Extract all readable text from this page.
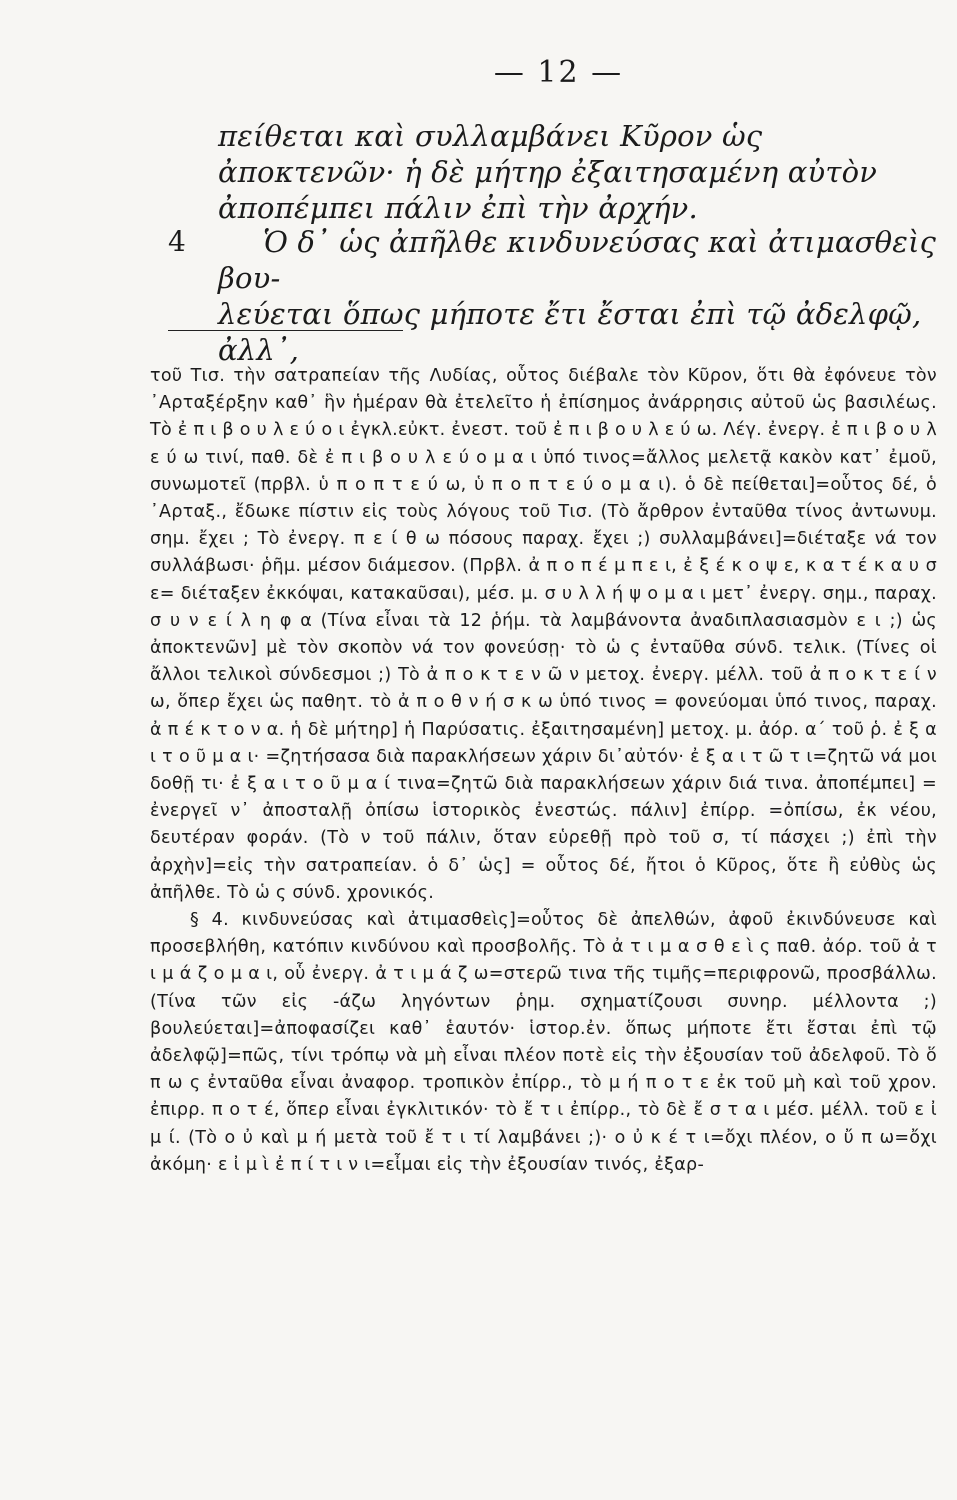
— 12 —

πείθεται καὶ συλλαμβάνει Κῦρον ὡς ἀποκτενῶν· ἡ δὲ μήτηρ ἐξαιτησαμένη αὐτὸν ἀποπέμπει πάλιν ἐπὶ τὴν ἀρχήν.

4	Ὁ δ᾽ ὡς ἀπῆλθε κινδυνεύσας καὶ ἀτιμασθεὶς βου-
λεύεται ὅπως μήποτε ἔτι ἔσται ἐπὶ τῷ ἀδελφῷ, ἀλλ᾽,

τοῦ Τισ. τὴν σατραπείαν τῆς Λυδίας, οὗτος διέβαλε τὸν Κῦρον, ὅτι θὰ ἐφόνευε τὸν ᾽Αρταξέρξην καθ᾽ ἣν ἡμέραν θὰ ἐτελεῖτο ἡ ἐπίσημος ἀνάρρησις αὐτοῦ ὡς βασιλέως. Τὸ ἐ π ι β ο υ λ ε ύ ο ι ἐγκλ.εὐκτ. ἐνεστ. τοῦ ἐ π ι β ο υ λ ε ύ ω. Λέγ. ἐνεργ. ἐ π ι β ο υ λ ε ύ ω τινί, παθ. δὲ ἐ π ι β ο υ λ ε ύ ο μ α ι ὑπό τινος=ἄλλος μελετᾷ κακὸν κατ᾽ ἐμοῦ, συνωμοτεῖ (πρβλ. ὑ π ο π τ ε ύ ω, ὑ π ο π τ ε ύ ο μ α ι). ὁ δὲ πείθεται]=οὗτος δέ, ὁ ᾽Αρταξ., ἔδωκε πίστιν εἰς τοὺς λόγους τοῦ Τισ. (Τὸ ἄρθρον ἐνταῦθα τίνος ἀντωνυμ. σημ. ἔχει ; Τὸ ἐνεργ. π ε ί θ ω πόσους παραχ. ἔχει ;) συλλαμβάνει]=διέταξε νά τον συλλάβωσι· ῥῆμ. μέσον διάμεσον. (Πρβλ. ἀ π ο π έ μ π ε ι, ἐ ξ έ κ ο ψ ε, κ α τ έ κ α υ σ ε= διέταξεν ἐκκόψαι, κατακαῦσαι), μέσ. μ. σ υ λ λ ή ψ ο μ α ι μετ᾽ ἐνεργ. σημ., παραχ. σ υ ν ε ί λ η φ α (Τίνα εἶναι τὰ 12 ῥήμ. τὰ λαμβάνοντα ἀναδιπλασιασμὸν ε ι ;) ὡς ἀποκτενῶν] μὲ τὸν σκοπὸν νά τον φονεύσῃ· τὸ ὡ ς ἐνταῦθα σύνδ. τελικ. (Τίνες οἱ ἄλλοι τελικοὶ σύνδεσμοι ;) Τὸ ἀ π ο κ τ ε ν ῶ ν μετοχ. ἐνεργ. μέλλ. τοῦ ἀ π ο κ τ ε ί ν ω, ὅπερ ἔχει ὡς παθητ. τὸ ἀ π ο θ ν ή σ κ ω ὑπό τινος = φονεύομαι ὑπό τινος, παραχ. ἀ π έ κ τ ο ν α. ἡ δὲ μήτηρ] ἡ Παρύσατις. ἐξαιτησαμένη] μετοχ. μ. ἀόρ. α´ τοῦ ῥ. ἐ ξ α ι τ ο ῦ μ α ι· =ζητήσασα διὰ παρακλήσεων χάριν δι᾽αὐτόν· ἐ ξ α ι τ ῶ τ ι=ζητῶ νά μοι δοθῇ τι· ἐ ξ α ι τ ο ῦ μ α ί τινα=ζητῶ διὰ παρακλήσεων χάριν διά τινα. ἀποπέμπει] = ἐνεργεῖ ν᾽ ἀποσταλῇ ὀπίσω ἱστορικὸς ἐνεστώς. πάλιν] ἐπίρρ. =ὀπίσω, ἐκ νέου, δευτέραν φοράν. (Τὸ ν τοῦ πάλιν, ὅταν εὑρεθῇ πρὸ τοῦ σ, τί πάσχει ;) ἐπὶ τὴν ἀρχὴν]=εἰς τὴν σατραπείαν. ὁ δ᾽ ὡς] = οὗτος δέ, ἤτοι ὁ Κῦρος, ὅτε ἢ εὐθὺς ὡς ἀπῆλθε. Τὸ ὡ ς σύνδ. χρονικός.

§ 4. κινδυνεύσας καὶ ἀτιμασθεὶς]=οὗτος δὲ ἀπελθών, ἀφοῦ ἐκινδύνευσε καὶ προσεβλήθη, κατόπιν κινδύνου καὶ προσβολῆς. Τὸ ἀ τ ι μ α σ θ ε ὶ ς παθ. ἀόρ. τοῦ ἀ τ ι μ ά ζ ο μ α ι, οὗ ἐνεργ. ἀ τ ι μ ά ζ ω=στερῶ τινα τῆς τιμῆς=περιφρονῶ, προσβάλλω. (Τίνα τῶν εἰς -άζω ληγόντων ῥημ. σχηματίζουσι συνηρ. μέλλοντα ;) βουλεύεται]=ἀποφασίζει καθ᾽ ἑαυτόν· ἱστορ.ἐν. ὅπως μήποτε ἔτι ἔσται ἐπὶ τῷ ἀδελφῷ]=πῶς, τίνι τρόπῳ νὰ μὴ εἶναι πλέον ποτὲ εἰς τὴν ἐξουσίαν τοῦ ἀδελφοῦ. Τὸ ὅ π ω ς ἐνταῦθα εἶναι ἀναφορ. τροπικὸν ἐπίρρ., τὸ μ ή π ο τ ε ἐκ τοῦ μὴ καὶ τοῦ χρον. ἐπιρρ. π ο τ έ, ὅπερ εἶναι ἐγκλιτικόν· τὸ ἔ τ ι ἐπίρρ., τὸ δὲ ἔ σ τ α ι μέσ. μέλλ. τοῦ ε ἰ μ ί. (Τὸ ο ὐ καὶ μ ή μετὰ τοῦ ἔ τ ι τί λαμβάνει ;)· ο ὐ κ έ τ ι=ὄχι πλέον, ο ὔ π ω=ὄχι ἀκόμη· ε ἰ μ ὶ ἐ π ί τ ι ν ι=εἶμαι εἰς τὴν ἐξουσίαν τινός, ἐξαρ-
